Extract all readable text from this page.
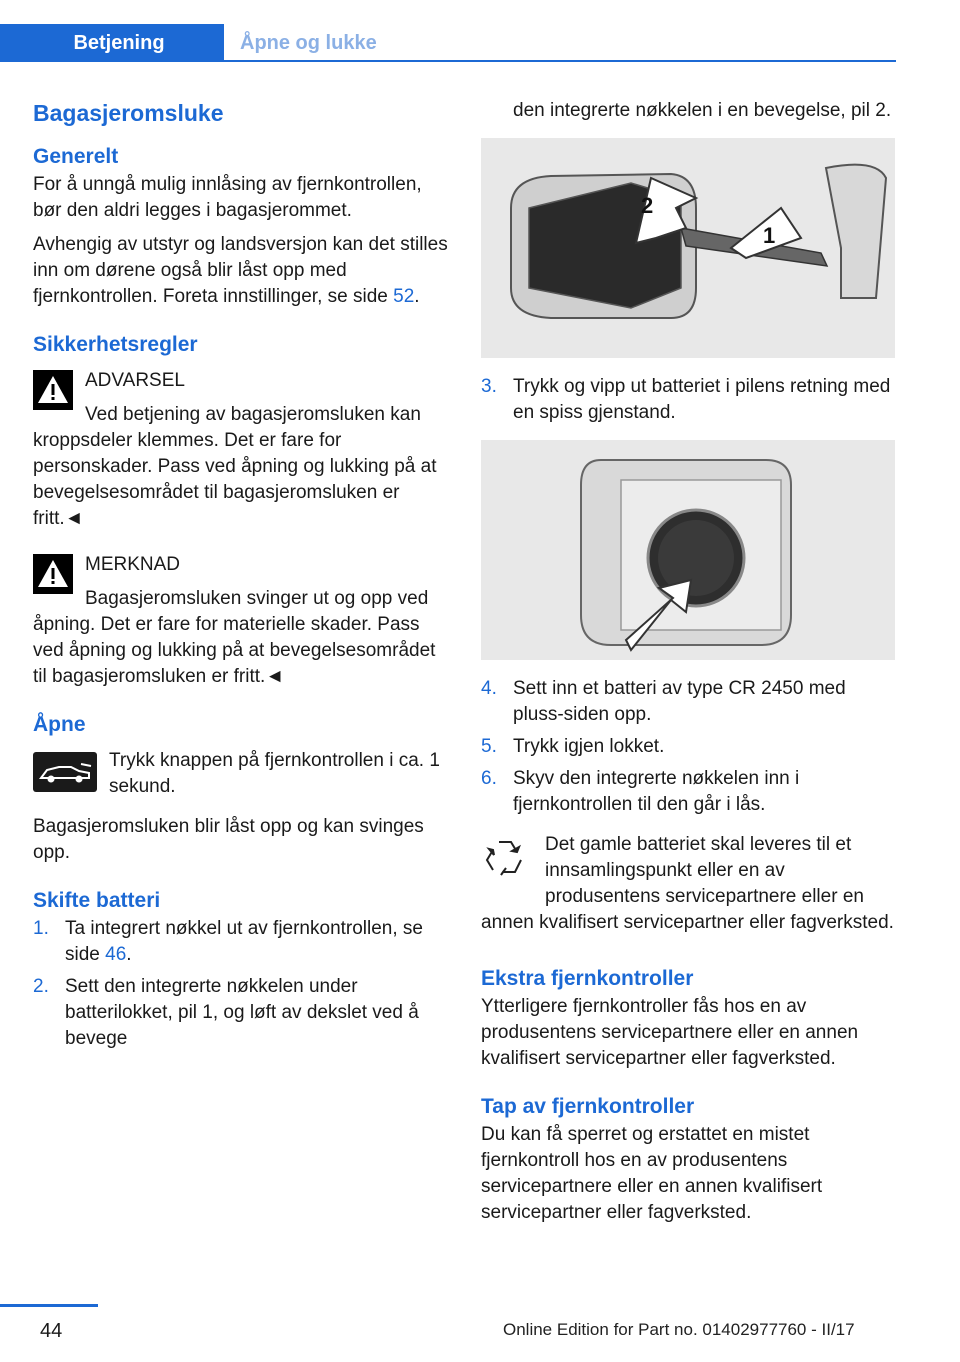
Betjening	Åpne og lukke
Bagasjeromsluke
Generelt

For å unngå mulig innlåsing av fjernkontrollen, bør den aldri legges i bagasjerommet.

Avhengig av utstyr og landsversjon kan det stilles inn om dørene også blir låst opp med fjernkontrollen. Foreta innstillinger, se side 52.

Sikkerhetsregler
ADVARSEL
Ved betjening av bagasjeromsluken kan kroppsdeler klemmes. Det er fare for personskader. Pass ved åpning og lukking på at bevegelsesområdet til bagasjeromsluken er fritt.◄
MERKNAD
Bagasjeromsluken svinger ut og opp ved åpning. Det er fare for materielle skader. Pass ved åpning og lukking på at bevegelsesområdet til bagasjeromsluken er fritt.◄
Åpne
Trykk knappen på fjernkontrollen i ca. 1 sekund.

Bagasjeromsluken blir låst opp og kan svinges opp.

Skifte batteri
1. Ta integrert nøkkel ut av fjernkontrollen, se side 46.
2. Sett den integrerte nøkkelen under batterilokket, pil 1, og løft av dekslet ved å bevege

den integrerte nøkkelen i en bevegelse, pil 2.

2
1
3. Trykk og vipp ut batteriet i pilens retning med en spiss gjenstand.
4. Sett inn et batteri av type CR 2450 med pluss-siden opp.
5. Trykk igjen lokket.
6. Skyv den integrerte nøkkelen inn i fjernkontrollen til den går i lås.
Det gamle batteriet skal leveres til et innsamlingspunkt eller en av produsentens servicepartnere eller en annen kvalifisert servicepartner eller fagverksted.
Ekstra fjernkontroller

Ytterligere fjernkontroller fås hos en av produsentens servicepartnere eller en annen kvalifisert servicepartner eller fagverksted.

Tap av fjernkontroller

Du kan få sperret og erstattet en mistet fjernkontroll hos en av produsentens servicepartnere eller en annen kvalifisert servicepartner eller fagverksted.

44	Online Edition for Part no. 01402977760 - II/17
